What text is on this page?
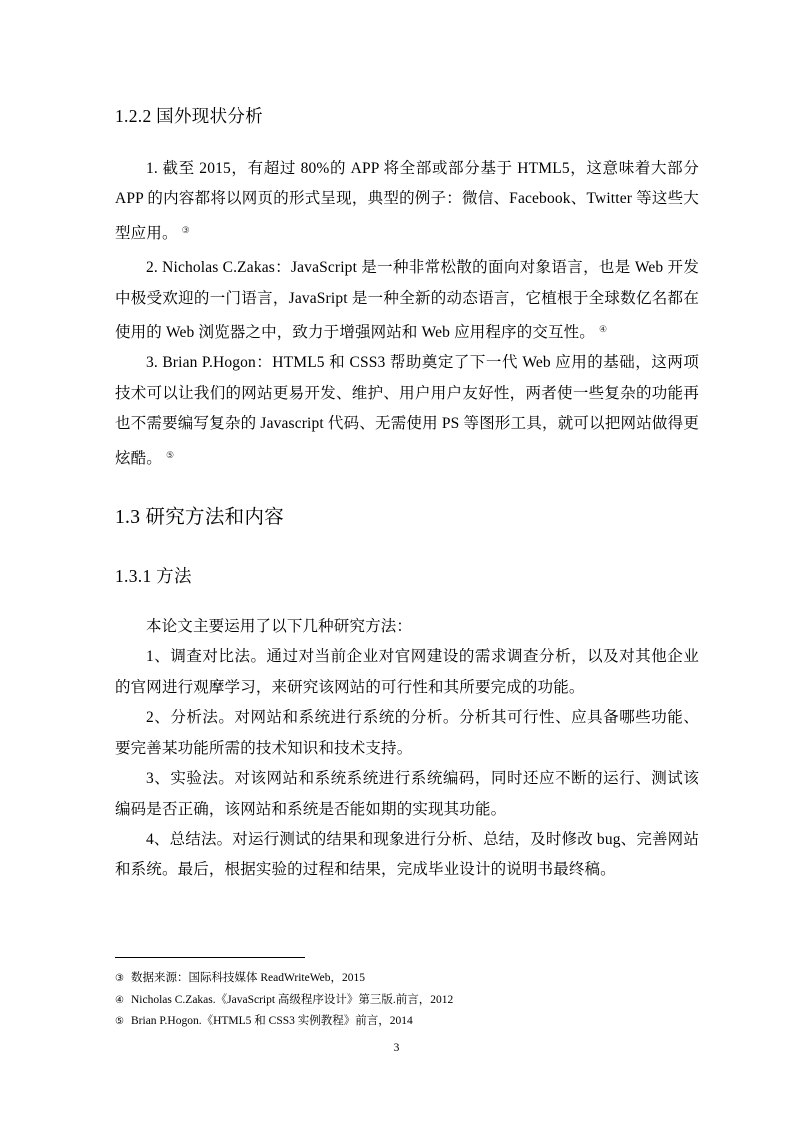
1.2.2 国外现状分析

1. 截至 2015，有超过 80%的 APP 将全部或部分基于 HTML5，这意味着大部分 APP 的内容都将以网页的形式呈现，典型的例子：微信、Facebook、Twitter 等这些大型应用。 ③

2. Nicholas C.Zakas：JavaScript 是一种非常松散的面向对象语言，也是 Web 开发中极受欢迎的一门语言，JavaSript 是一种全新的动态语言，它植根于全球数亿名都在使用的 Web 浏览器之中，致力于增强网站和 Web 应用程序的交互性。 ④

3. Brian P.Hogon：HTML5 和 CSS3 帮助奠定了下一代 Web 应用的基础，这两项技术可以让我们的网站更易开发、维护、用户用户友好性，两者使一些复杂的功能再也不需要编写复杂的 Javascript 代码、无需使用 PS 等图形工具，就可以把网站做得更炫酷。 ⑤

1.3 研究方法和内容
1.3.1 方法

本论文主要运用了以下几种研究方法：

1、调查对比法。通过对当前企业对官网建设的需求调查分析，以及对其他企业的官网进行观摩学习，来研究该网站的可行性和其所要完成的功能。

2、分析法。对网站和系统进行系统的分析。分析其可行性、应具备哪些功能、要完善某功能所需的技术知识和技术支持。

3、实验法。对该网站和系统系统进行系统编码，同时还应不断的运行、测试该编码是否正确，该网站和系统是否能如期的实现其功能。

4、总结法。对运行测试的结果和现象进行分析、总结，及时修改 bug、完善网站和系统。最后，根据实验的过程和结果，完成毕业设计的说明书最终稿。

③ 数据来源：国际科技媒体 ReadWriteWeb，2015
④ Nicholas C.Zakas.《JavaScript 高级程序设计》第三版.前言，2012
⑤ Brian P.Hogon.《HTML5 和 CSS3 实例教程》前言，2014
3
